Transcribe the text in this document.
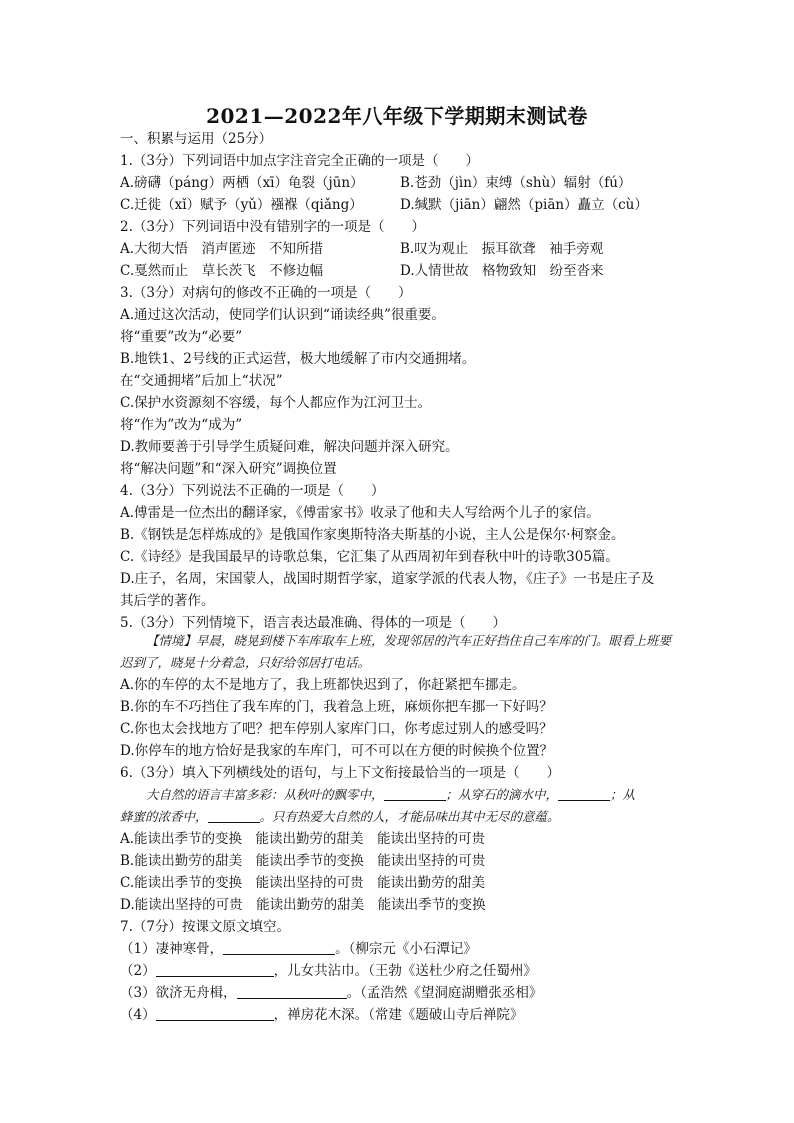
2021—2022年八年级下学期期末测试卷
一、积累与运用（25分）
1.（3分）下列词语中加点字注音完全正确的一项是（　　）
A.磅礴（páng）两栖（xī）龟裂（jūn）	B.苍劲（jìn）束缚（shù）辐射（fú）
C.迁徙（xǐ）赋予（yǔ）襁褓（qiǎng）	D.缄默（jiān）翩然（piān）矗立（cù）
2.（3分）下列词语中没有错别字的一项是（　　）
A.大彻大悟　消声匿迹　不知所措	B.叹为观止　振耳欲聋　袖手旁观
C.戛然而止　草长茨飞　不修边幅	D.人情世故　格物致知　纷至沓来
3.（3分）对病句的修改不正确的一项是（　　）
A.通过这次活动，使同学们认识到“诵读经典”很重要。
将“重要”改为“必要”
B.地铁1、2号线的正式运营，极大地缓解了市内交通拥堵。
在“交通拥堵”后加上“状况”
C.保护水资源刻不容缓，每个人都应作为江河卫士。
将“作为”改为“成为”
D.教师要善于引导学生质疑问难，解决问题并深入研究。
将“解决问题”和“深入研究”调换位置
4.（3分）下列说法不正确的一项是（　　）
A.傅雷是一位杰出的翻译家，《傅雷家书》收录了他和夫人写给两个儿子的家信。
B.《钢铁是怎样炼成的》是俄国作家奥斯特洛夫斯基的小说，主人公是保尔·柯察金。
C.《诗经》是我国最早的诗歌总集，它汇集了从西周初年到春秋中叶的诗歌305篇。
D.庄子，名周，宋国蒙人，战国时期哲学家，道家学派的代表人物，《庄子》一书是庄子及
其后学的著作。
5.（3分）下列情境下，语言表达最准确、得体的一项是（　　）
【情境】早晨，晓晃到楼下车库取车上班，发现邻居的汽车正好挡住自己车库的门。眼看上班要迟到了，晓晃十分着急，只好给邻居打电话。
A.你的车停的太不是地方了，我上班都快迟到了，你赶紧把车挪走。
B.你的车不巧挡住了我车库的门，我着急上班，麻烦你把车挪一下好吗？
C.你也太会找地方了吧？把车停别人家库门口，你考虑过别人的感受吗？
D.你停车的地方恰好是我家的车库门，可不可以在方便的时候换个位置？
6.（3分）填入下列横线处的语句，与上下文衔接最恰当的一项是（　　）
大自然的语言丰富多彩：从秋叶的飘零中，	；从穿石的滴水中，	；从
蜂蜜的浓香中，	。只有热爱大自然的人，才能品味出其中无尽的意蕴。
A.能读出季节的变换　能读出勤劳的甜美　能读出坚持的可贵
B.能读出勤劳的甜美　能读出季节的变换　能读出坚持的可贵
C.能读出季节的变换　能读出坚持的可贵　能读出勤劳的甜美
D.能读出坚持的可贵　能读出勤劳的甜美　能读出季节的变换
7.（7分）按课文原文填空。
（1）凄神寒骨，	。（柳宗元《小石潭记》
（2）	，儿女共沾巾。（王勃《送杜少府之任蜀州》
（3）欲济无舟楫，	。（孟浩然《望洞庭湖赠张丞相》
（4）	，禅房花木深。（常建《题破山寺后禅院》
